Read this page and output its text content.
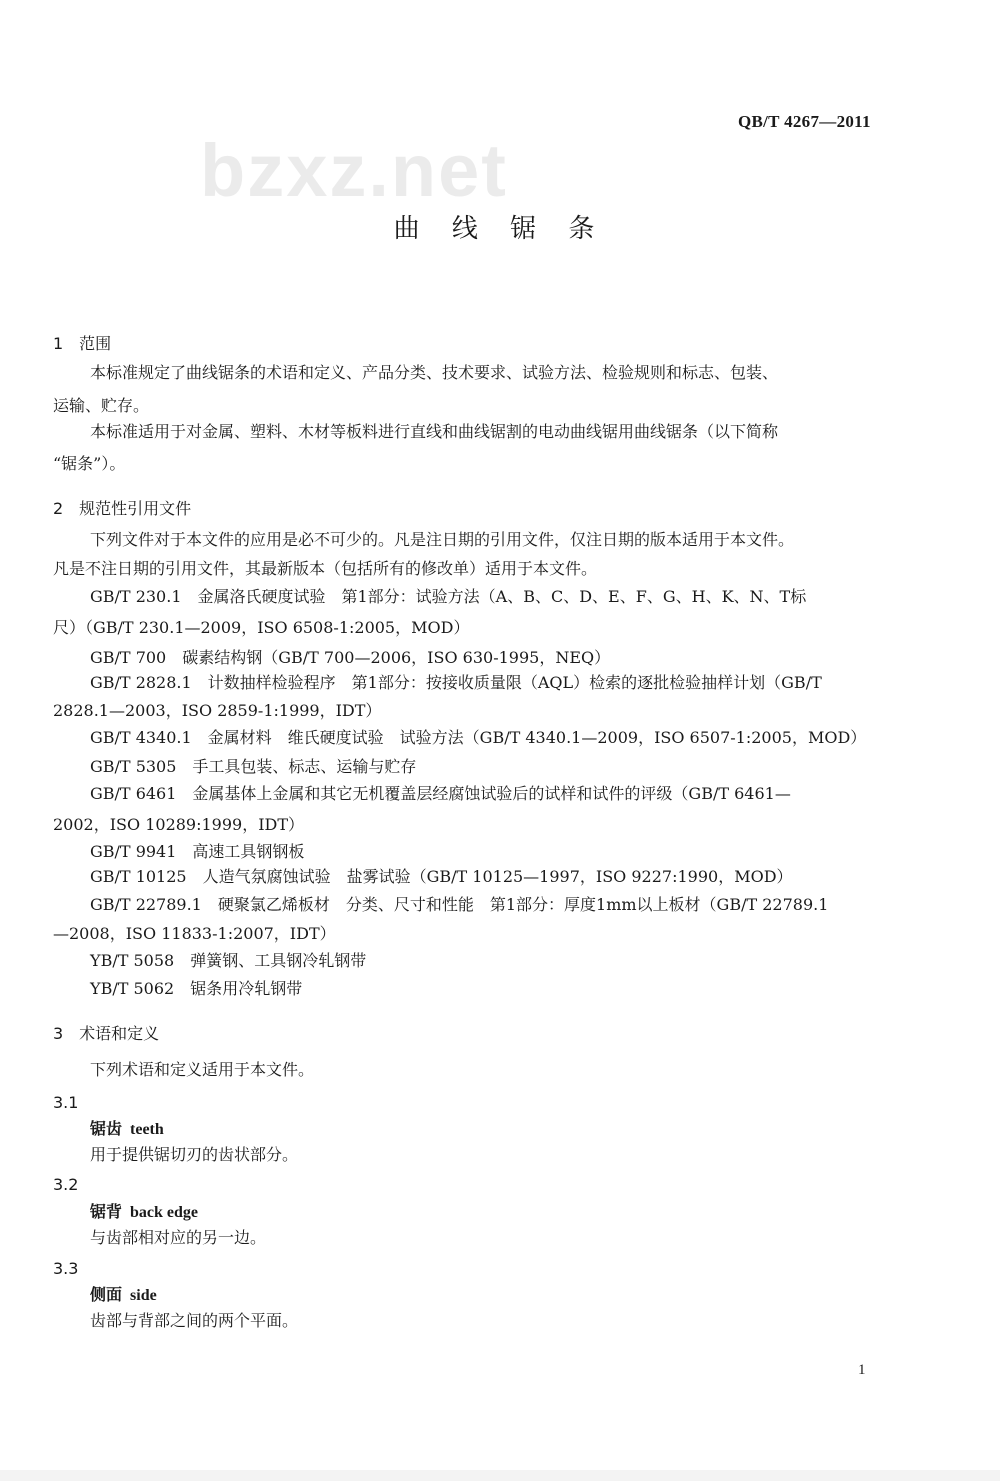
bzxz.net
QB/T 4267—2011
曲 线 锯 条
1　范围
本标准规定了曲线锯条的术语和定义、产品分类、技术要求、试验方法、检验规则和标志、包装、
运输、贮存。
本标准适用于对金属、塑料、木材等板料进行直线和曲线锯割的电动曲线锯用曲线锯条（以下简称
“锯条”）。
2　规范性引用文件
下列文件对于本文件的应用是必不可少的。凡是注日期的引用文件，仅注日期的版本适用于本文件。
凡是不注日期的引用文件，其最新版本（包括所有的修改单）适用于本文件。
GB/T 230.1　金属洛氏硬度试验　第1部分：试验方法（A、B、C、D、E、F、G、H、K、N、T标
尺）（GB/T 230.1—2009，ISO 6508-1:2005，MOD）
GB/T 700　碳素结构钢（GB/T 700—2006，ISO 630-1995，NEQ）
GB/T 2828.1　计数抽样检验程序　第1部分：按接收质量限（AQL）检索的逐批检验抽样计划（GB/T
2828.1—2003，ISO 2859-1:1999，IDT）
GB/T 4340.1　金属材料　维氏硬度试验　试验方法（GB/T 4340.1—2009，ISO 6507-1:2005，MOD）
GB/T 5305　手工具包装、标志、运输与贮存
GB/T 6461　金属基体上金属和其它无机覆盖层经腐蚀试验后的试样和试件的评级（GB/T 6461—
2002，ISO 10289:1999，IDT）
GB/T 9941　高速工具钢钢板
GB/T 10125　人造气氛腐蚀试验　盐雾试验（GB/T 10125—1997，ISO 9227:1990，MOD）
GB/T 22789.1　硬聚氯乙烯板材　分类、尺寸和性能　第1部分：厚度1mm以上板材（GB/T 22789.1
—2008，ISO 11833-1:2007，IDT）
YB/T 5058　弹簧钢、工具钢冷轧钢带
YB/T 5062　锯条用冷轧钢带
3　术语和定义
下列术语和定义适用于本文件。
3.1
锯齿 teeth
用于提供锯切刃的齿状部分。
3.2
锯背 back edge
与齿部相对应的另一边。
3.3
侧面 side
齿部与背部之间的两个平面。
1
